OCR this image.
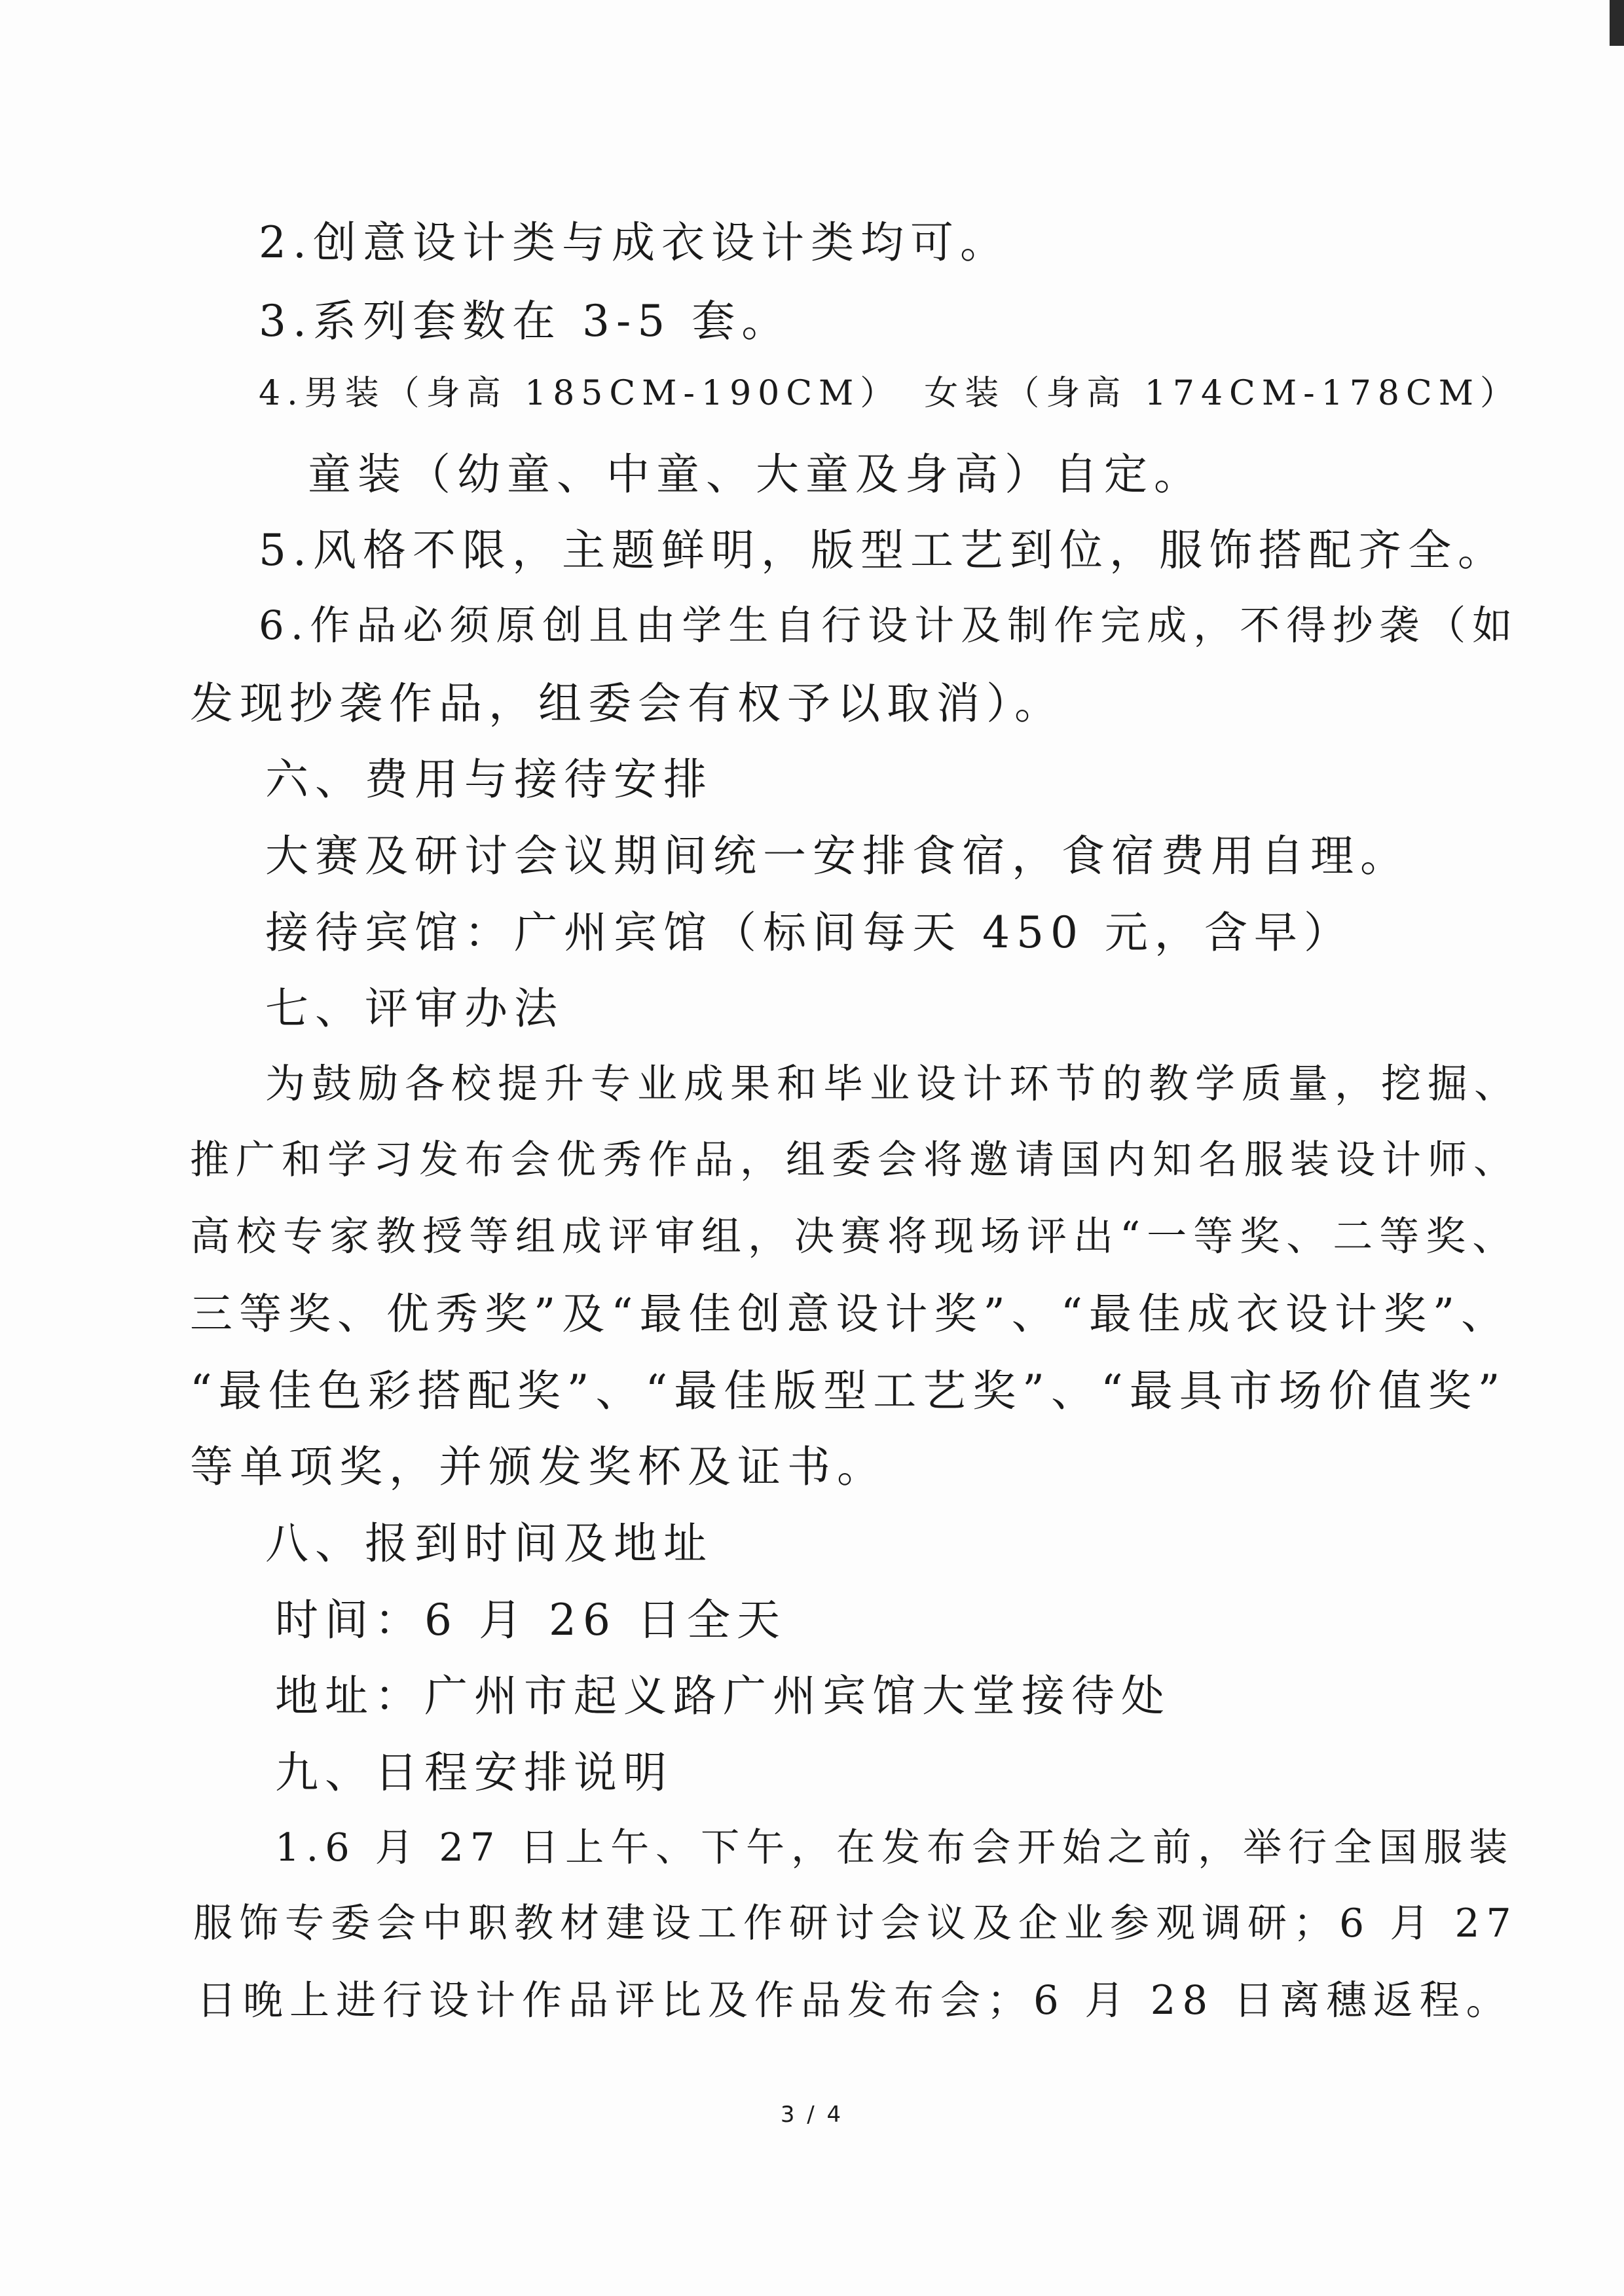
2.创意设计类与成衣设计类均可。
3.系列套数在 3-5 套。
4.男装（身高 185CM-190CM）　女装（身高 174CM-178CM）
童装（幼童、中童、大童及身高）自定。
5.风格不限，主题鲜明，版型工艺到位，服饰搭配齐全。
6.作品必须原创且由学生自行设计及制作完成，不得抄袭（如
发现抄袭作品，组委会有权予以取消）。
六、费用与接待安排
大赛及研讨会议期间统一安排食宿，食宿费用自理。
接待宾馆：广州宾馆（标间每天 450 元，含早）
七、评审办法
为鼓励各校提升专业成果和毕业设计环节的教学质量，挖掘、
推广和学习发布会优秀作品，组委会将邀请国内知名服装设计师、
高校专家教授等组成评审组，决赛将现场评出“一等奖、二等奖、
三等奖、优秀奖”及“最佳创意设计奖”、“最佳成衣设计奖”、
“最佳色彩搭配奖”、“最佳版型工艺奖”、“最具市场价值奖”
等单项奖，并颁发奖杯及证书。
八、报到时间及地址
时间：6 月 26 日全天
地址：广州市起义路广州宾馆大堂接待处
九、日程安排说明
1.6 月 27 日上午、下午，在发布会开始之前，举行全国服装
服饰专委会中职教材建设工作研讨会议及企业参观调研；6 月 27
日晚上进行设计作品评比及作品发布会；6 月 28 日离穗返程。
3 / 4
